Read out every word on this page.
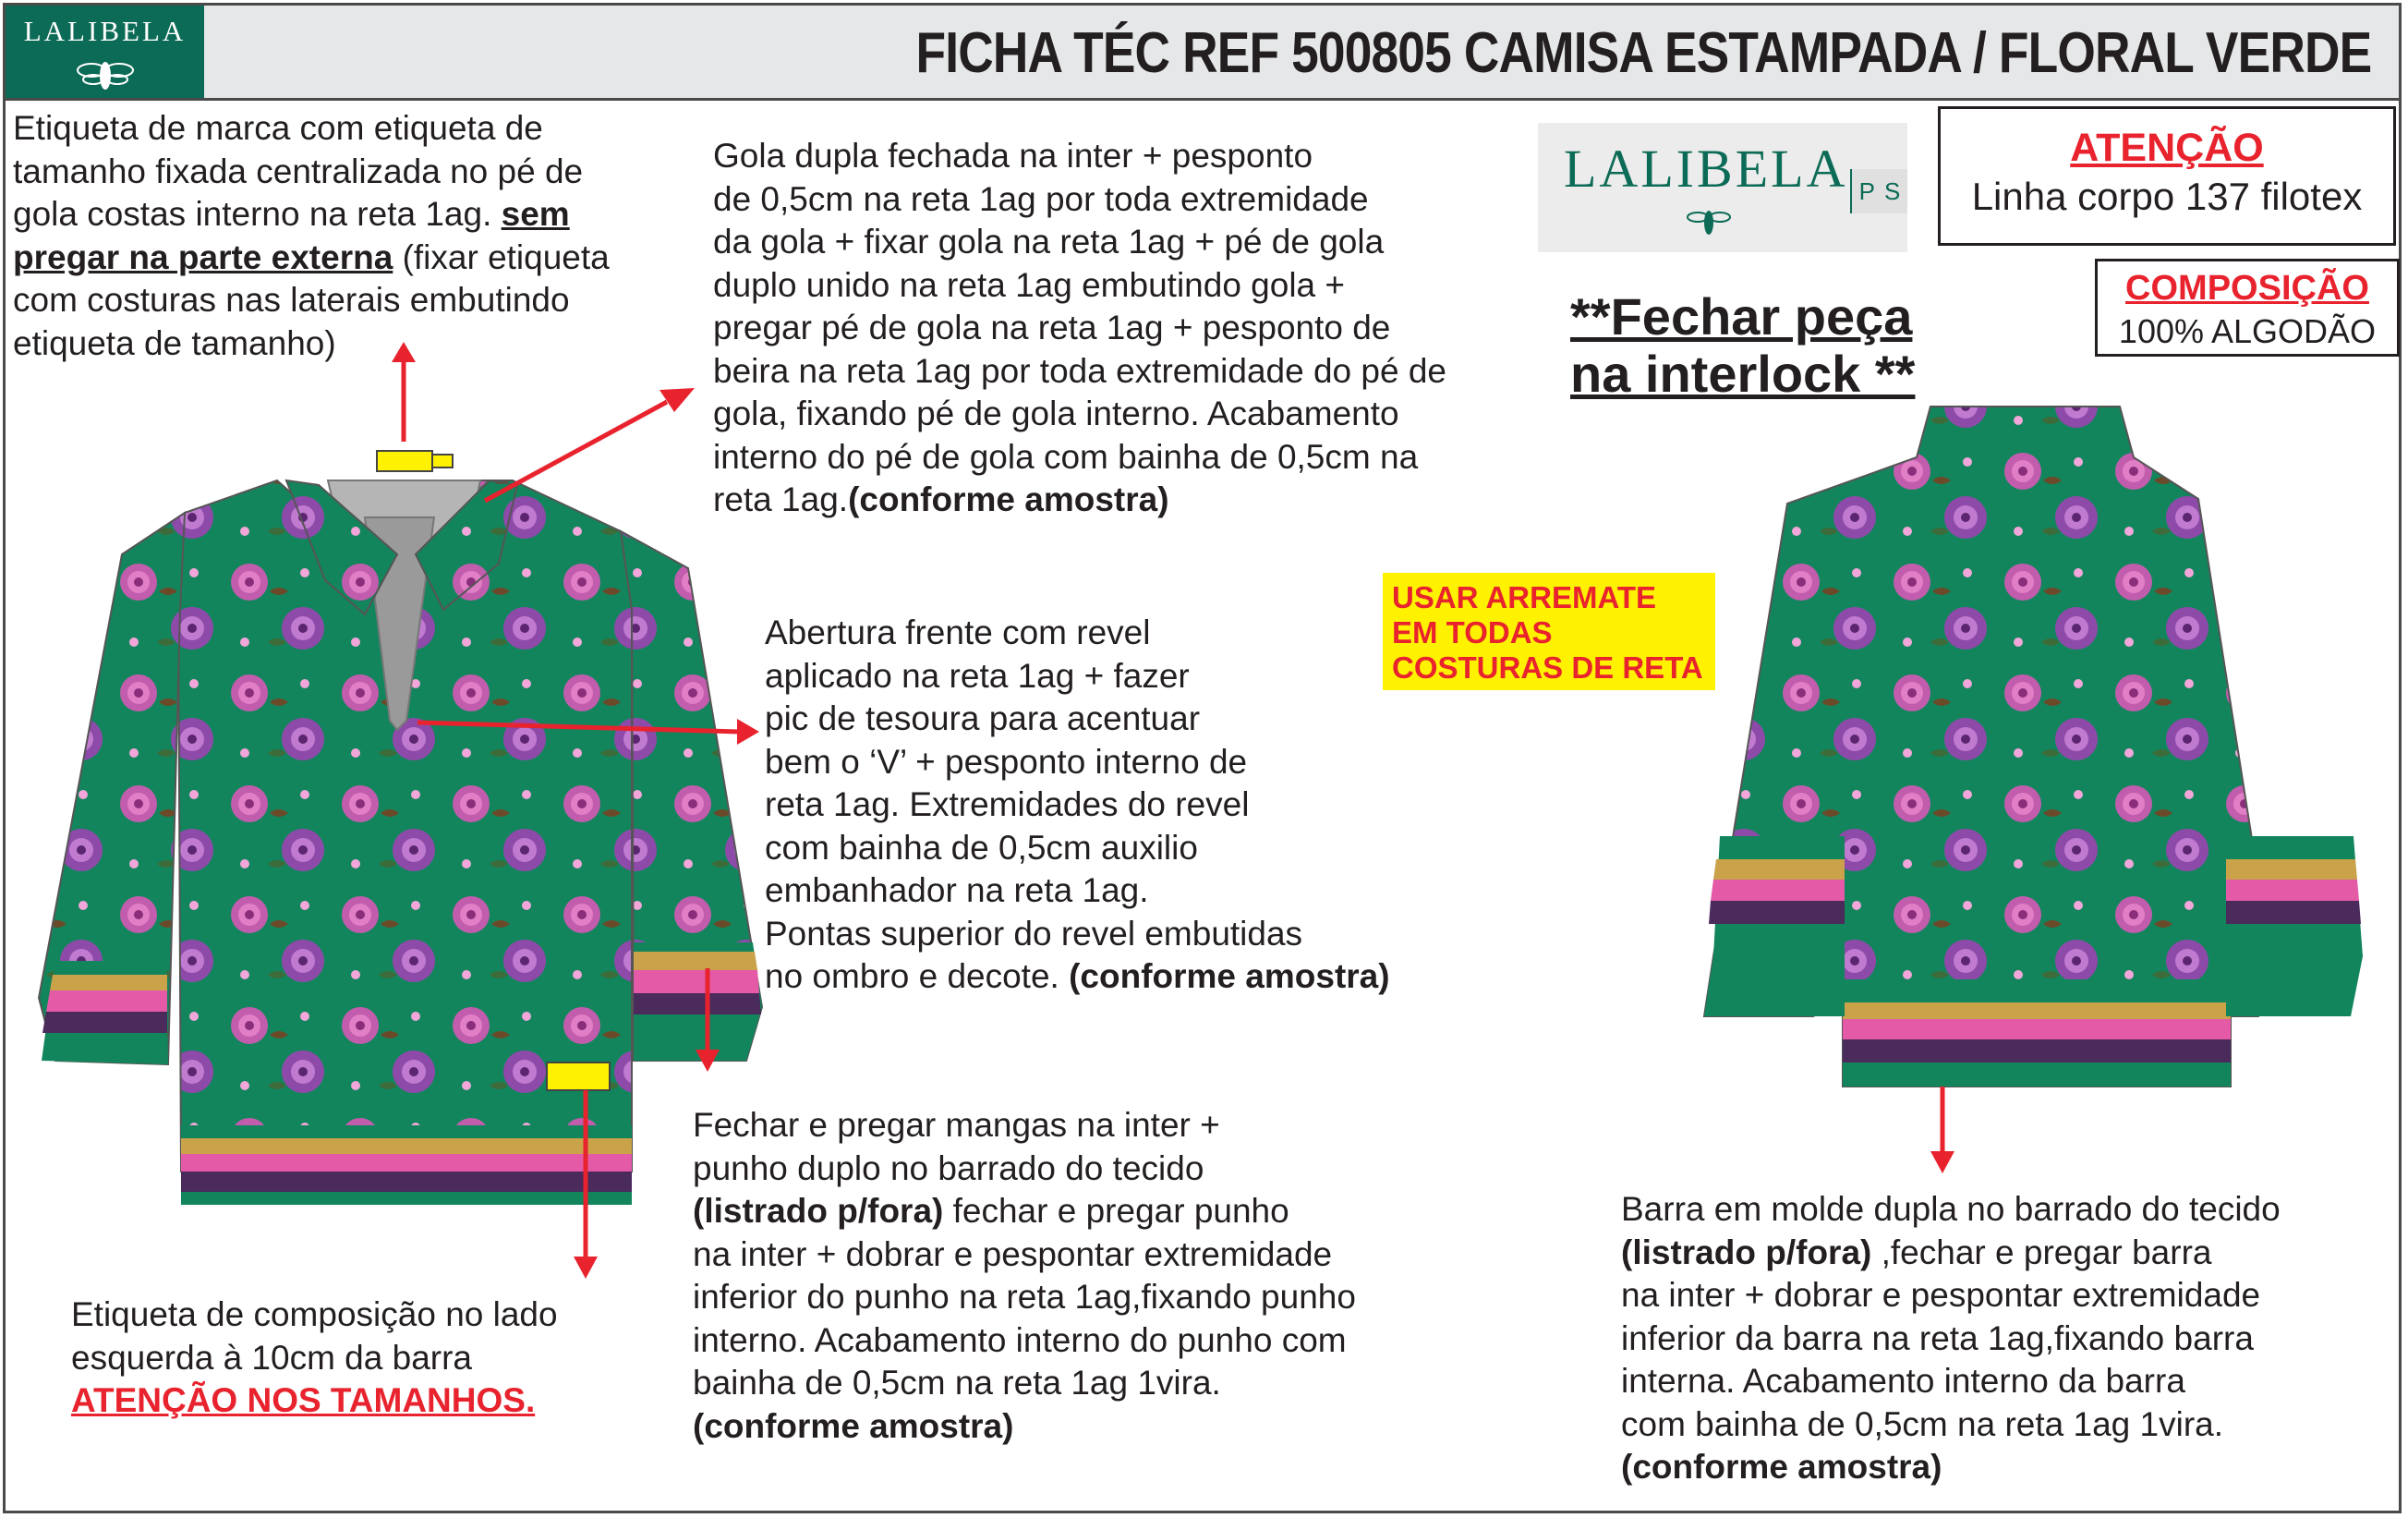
LALIBELA	FICHA TÉC REF 500805 CAMISA ESTAMPADA / FLORAL VERDE
LALIBELA P S
ATENÇÃO
Linha corpo 137 filotex
COMPOSIÇÃO
100% ALGODÃO
**Fechar peça
na interlock **
USAR ARREMATE
EM TODAS
COSTURAS DE RETA
Etiqueta de marca com etiqueta de
tamanho fixada centralizada no pé de
gola costas interno na reta 1ag. sem
pregar na parte externa (fixar etiqueta
com costuras nas laterais embutindo
etiqueta de tamanho)
Gola dupla fechada na inter + pesponto
de 0,5cm na reta 1ag por toda extremidade
da gola + fixar gola na reta 1ag + pé de gola
duplo unido na reta 1ag embutindo gola +
pregar pé de gola na reta 1ag + pesponto de
beira na reta 1ag por toda extremidade do pé de
gola, fixando pé de gola interno. Acabamento
interno do pé de gola com bainha de 0,5cm na
reta 1ag.(conforme amostra)
Abertura frente com revel
aplicado na reta 1ag + fazer
pic de tesoura para acentuar
bem o ‘V’ + pesponto interno de
reta 1ag. Extremidades do revel
com bainha de 0,5cm auxilio
embanhador na reta 1ag.
Pontas superior do revel embutidas
no ombro e decote. (conforme amostra)
Fechar e pregar mangas na inter +
punho duplo no barrado do tecido
(listrado p/fora) fechar e pregar punho
na inter + dobrar e pespontar extremidade
inferior do punho na reta 1ag,fixando punho
interno. Acabamento interno do punho com
bainha de 0,5cm na reta 1ag 1vira.
(conforme amostra)
Etiqueta de composição no lado
esquerda à 10cm da barra
ATENÇÃO NOS TAMANHOS.
Barra em molde dupla no barrado do tecido
(listrado p/fora) ,fechar e pregar barra
na inter + dobrar e pespontar extremidade
inferior da barra na reta 1ag,fixando barra
interna. Acabamento interno da barra
com bainha de 0,5cm na reta 1ag 1vira.
(conforme amostra)
